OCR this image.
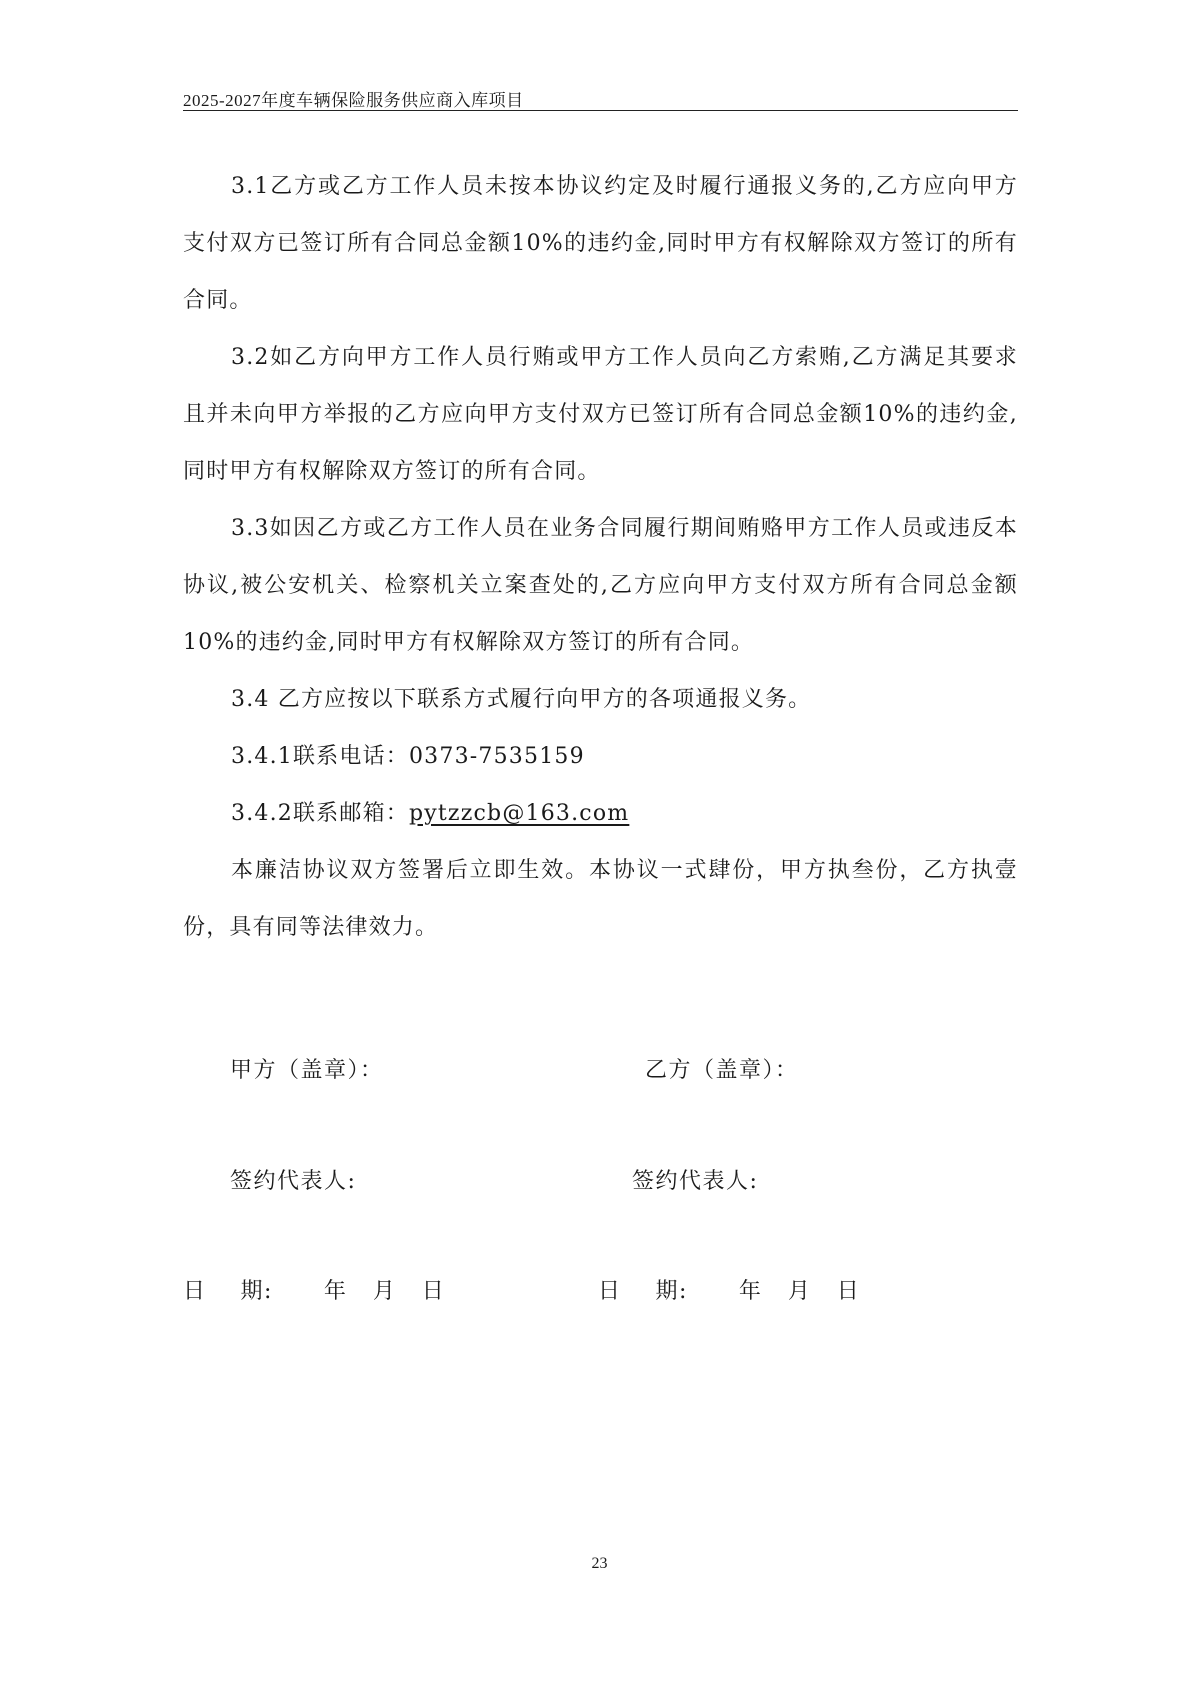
2025-2027年度车辆保险服务供应商入库项目

3.1乙方或乙方工作人员未按本协议约定及时履行通报义务的,乙方应向甲方支付双方已签订所有合同总金额10%的违约金,同时甲方有权解除双方签订的所有合同。

3.2如乙方向甲方工作人员行贿或甲方工作人员向乙方索贿,乙方满足其要求且并未向甲方举报的乙方应向甲方支付双方已签订所有合同总金额10%的违约金,同时甲方有权解除双方签订的所有合同。

3.3如因乙方或乙方工作人员在业务合同履行期间贿赂甲方工作人员或违反本协议,被公安机关、检察机关立案查处的,乙方应向甲方支付双方所有合同总金额10%的违约金,同时甲方有权解除双方签订的所有合同。

3.4 乙方应按以下联系方式履行向甲方的各项通报义务。

3.4.1联系电话：0373-7535159

3.4.2联系邮箱：pytzzcb@163.com

本廉洁协议双方签署后立即生效。本协议一式肆份，甲方执叁份，乙方执壹份，具有同等法律效力。

甲方（盖章）：	乙方（盖章）：
签约代表人:	签约代表人:
日    期:      年   月   日	日    期:      年   月   日
23
